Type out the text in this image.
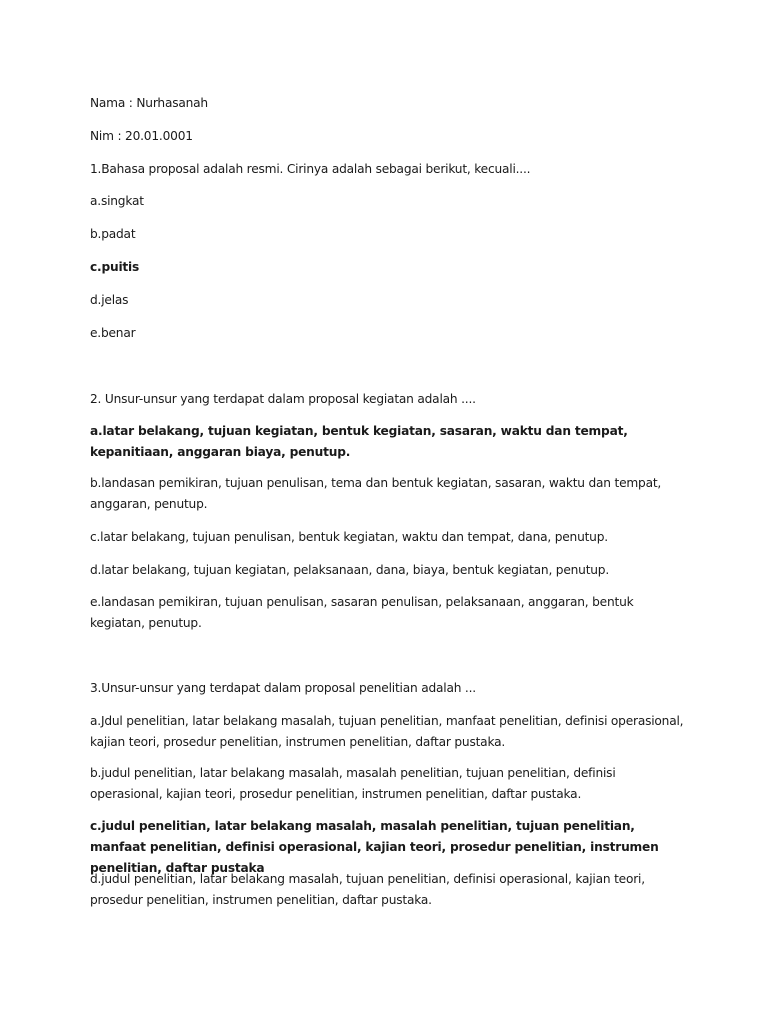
Nama : Nurhasanah
Nim : 20.01.0001
1.Bahasa proposal adalah resmi. Cirinya adalah sebagai berikut, kecuali....
a.singkat
b.padat
c.puitis
d.jelas
e.benar
2. Unsur-unsur yang terdapat dalam proposal kegiatan adalah ....
a.latar belakang, tujuan kegiatan, bentuk kegiatan, sasaran, waktu dan tempat, kepanitiaan, anggaran biaya, penutup.
b.landasan pemikiran, tujuan penulisan, tema dan bentuk kegiatan, sasaran, waktu dan tempat, anggaran, penutup.
c.latar belakang, tujuan penulisan, bentuk kegiatan, waktu dan tempat, dana, penutup.
d.latar belakang, tujuan kegiatan, pelaksanaan, dana, biaya, bentuk kegiatan, penutup.
e.landasan pemikiran, tujuan penulisan, sasaran penulisan, pelaksanaan, anggaran, bentuk kegiatan, penutup.
3.Unsur-unsur yang terdapat dalam proposal penelitian adalah ...
a.Jdul penelitian, latar belakang masalah, tujuan penelitian, manfaat penelitian, definisi operasional, kajian teori, prosedur penelitian, instrumen penelitian, daftar pustaka.
b.judul penelitian, latar belakang masalah, masalah penelitian, tujuan penelitian, definisi operasional, kajian teori, prosedur penelitian, instrumen penelitian, daftar pustaka.
c.judul penelitian, latar belakang masalah, masalah penelitian, tujuan penelitian, manfaat penelitian, definisi operasional, kajian teori, prosedur penelitian, instrumen penelitian, daftar pustaka
d.judul penelitian, latar belakang masalah, tujuan penelitian, definisi operasional, kajian teori, prosedur penelitian, instrumen penelitian, daftar pustaka.
